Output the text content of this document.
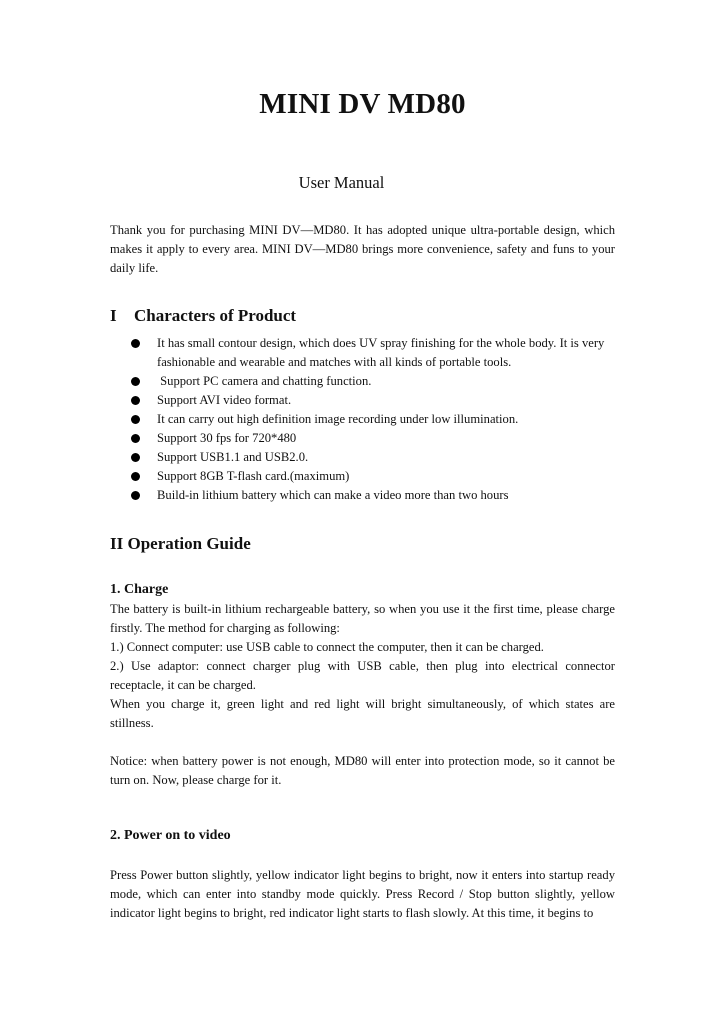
MINI DV MD80
User Manual

Thank you for purchasing MINI DV—MD80. It has adopted unique ultra-portable design, which makes it apply to every area. MINI DV—MD80 brings more convenience, safety and funs to your daily life.

I Characters of Product
It has small contour design, which does UV spray finishing for the whole body. It is very fashionable and wearable and matches with all kinds of portable tools.
Support PC camera and chatting function.
Support AVI video format.
It can carry out high definition image recording under low illumination.
Support 30 fps for 720*480
Support USB1.1 and USB2.0.
Support 8GB T-flash card.(maximum)
Build-in lithium battery which can make a video more than two hours
II Operation Guide
1. Charge

The battery is built-in lithium rechargeable battery, so when you use it the first time, please charge firstly. The method for charging as following:

1.) Connect computer: use USB cable to connect the computer, then it can be charged.

2.) Use adaptor: connect charger plug with USB cable, then plug into electrical connector receptacle, it can be charged.

When you charge it, green light and red light will bright simultaneously, of which states are stillness.

Notice: when battery power is not enough, MD80 will enter into protection mode, so it cannot be turn on. Now, please charge for it.

2. Power on to video

Press Power button slightly, yellow indicator light begins to bright, now it enters into startup ready mode, which can enter into standby mode quickly. Press Record / Stop button slightly, yellow indicator light begins to bright, red indicator light starts to flash slowly. At this time, it begins to
